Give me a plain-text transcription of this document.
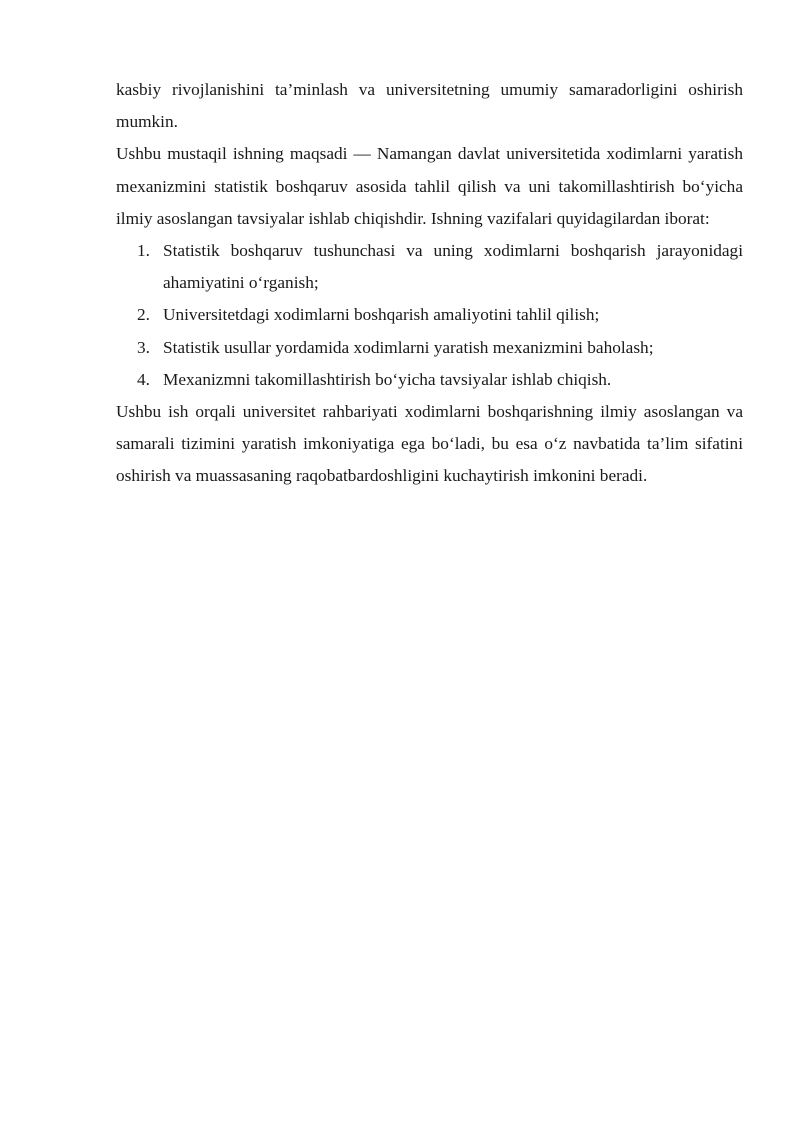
kasbiy rivojlanishini ta’minlash va universitetning umumiy samaradorligini oshirish mumkin.

Ushbu mustaqil ishning maqsadi — Namangan davlat universitetida xodimlarni yaratish mexanizmini statistik boshqaruv asosida tahlil qilish va uni takomillashtirish bo‘yicha ilmiy asoslangan tavsiyalar ishlab chiqishdir. Ishning vazifalari quyidagilardan iborat:

1. Statistik boshqaruv tushunchasi va uning xodimlarni boshqarish jarayonidagi ahamiyatini o‘rganish;
2. Universitetdagi xodimlarni boshqarish amaliyotini tahlil qilish;
3. Statistik usullar yordamida xodimlarni yaratish mexanizmini baholash;
4. Mexanizmni takomillashtirish bo‘yicha tavsiyalar ishlab chiqish.

Ushbu ish orqali universitet rahbariyati xodimlarni boshqarishning ilmiy asoslangan va samarali tizimini yaratish imkoniyatiga ega bo‘ladi, bu esa o‘z navbatida ta’lim sifatini oshirish va muassasaning raqobatbardoshligini kuchaytirish imkonini beradi.
